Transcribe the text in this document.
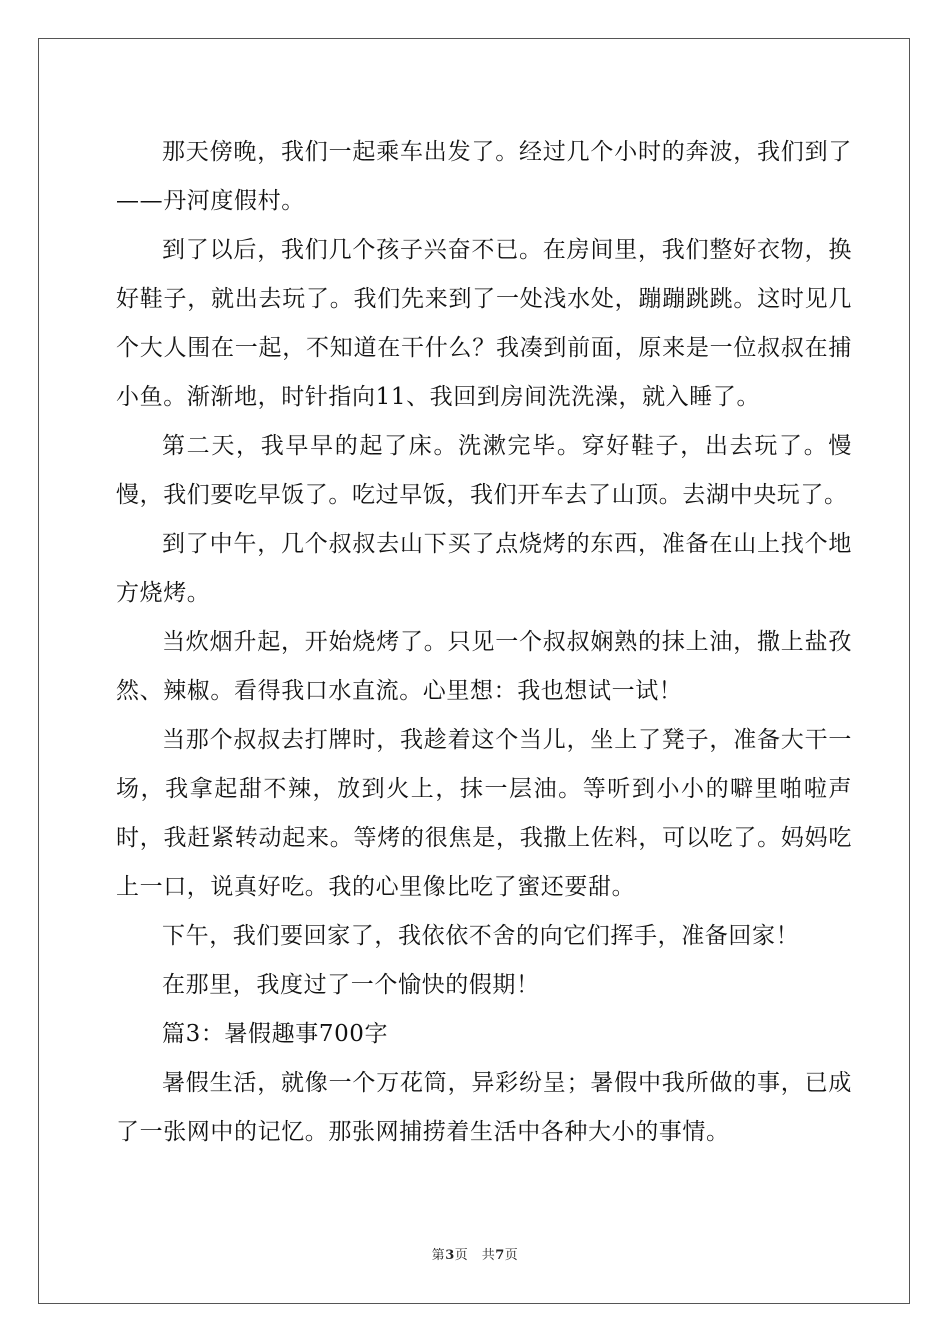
那天傍晚，我们一起乘车出发了。经过几个小时的奔波，我们到了——丹河度假村。

到了以后，我们几个孩子兴奋不已。在房间里，我们整好衣物，换好鞋子，就出去玩了。我们先来到了一处浅水处，蹦蹦跳跳。这时见几个大人围在一起，不知道在干什么？我凑到前面，原来是一位叔叔在捕小鱼。渐渐地，时针指向11、我回到房间洗洗澡，就入睡了。

第二天，我早早的起了床。洗漱完毕。穿好鞋子，出去玩了。慢慢，我们要吃早饭了。吃过早饭，我们开车去了山顶。去湖中央玩了。

到了中午，几个叔叔去山下买了点烧烤的东西，准备在山上找个地方烧烤。

当炊烟升起，开始烧烤了。只见一个叔叔娴熟的抹上油，撒上盐孜然、辣椒。看得我口水直流。心里想：我也想试一试！

当那个叔叔去打牌时，我趁着这个当儿，坐上了凳子，准备大干一场，我拿起甜不辣，放到火上，抹一层油。等听到小小的噼里啪啦声时，我赶紧转动起来。等烤的很焦是，我撒上佐料，可以吃了。妈妈吃上一口，说真好吃。我的心里像比吃了蜜还要甜。

下午，我们要回家了，我依依不舍的向它们挥手，准备回家！

在那里，我度过了一个愉快的假期！

篇3：暑假趣事700字

暑假生活，就像一个万花筒，异彩纷呈；暑假中我所做的事，已成了一张网中的记忆。那张网捕捞着生活中各种大小的事情。

第3页　共7页
